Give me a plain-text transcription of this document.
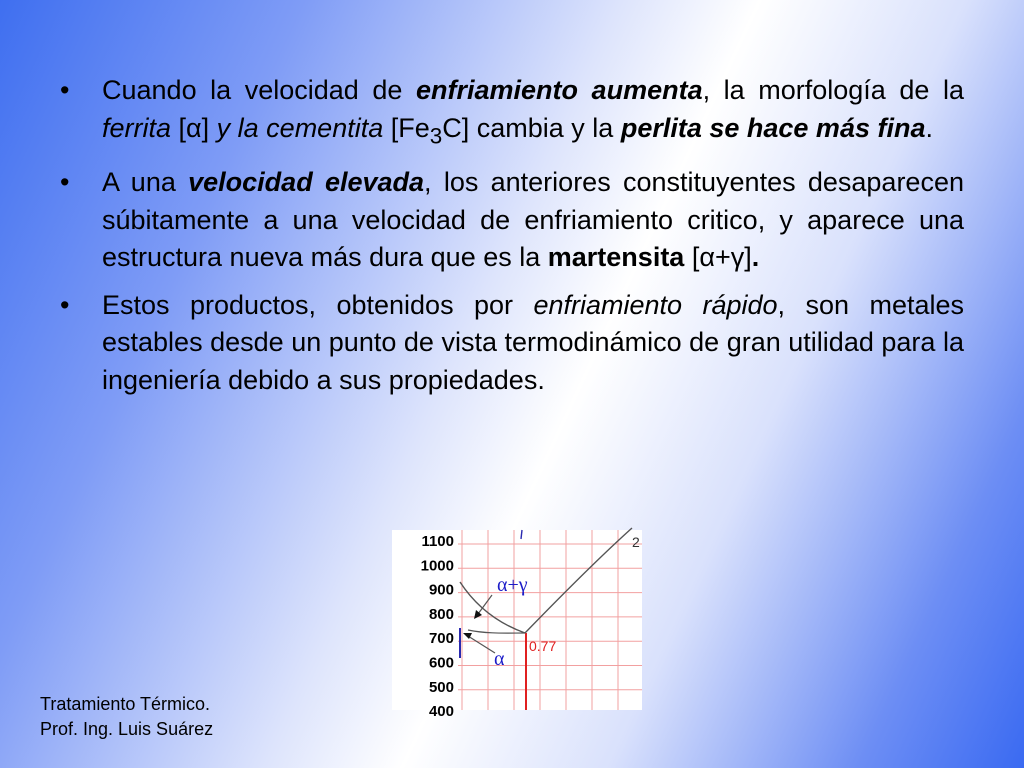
• Cuando la velocidad de enfriamiento aumenta, la morfología de la ferrita [α] y la cementita $[Fe_3C]$ cambia y la perlita se hace más fina.
• A una velocidad elevada, los anteriores constituyentes desaparecen súbitamente a una velocidad de enfriamiento critico, y aparece una estructura nueva más dura que es la martensita [α+γ].
• Estos productos, obtenidos por enfriamiento rápido, son metales estables desde un punto de vista termodinámico de gran utilidad para la ingeniería debido a sus propiedades.
1100
1000
900
800
700
600
500
400
α+γ
α
0.77
2
Tratamiento Térmico.
Prof. Ing. Luis Suárez
